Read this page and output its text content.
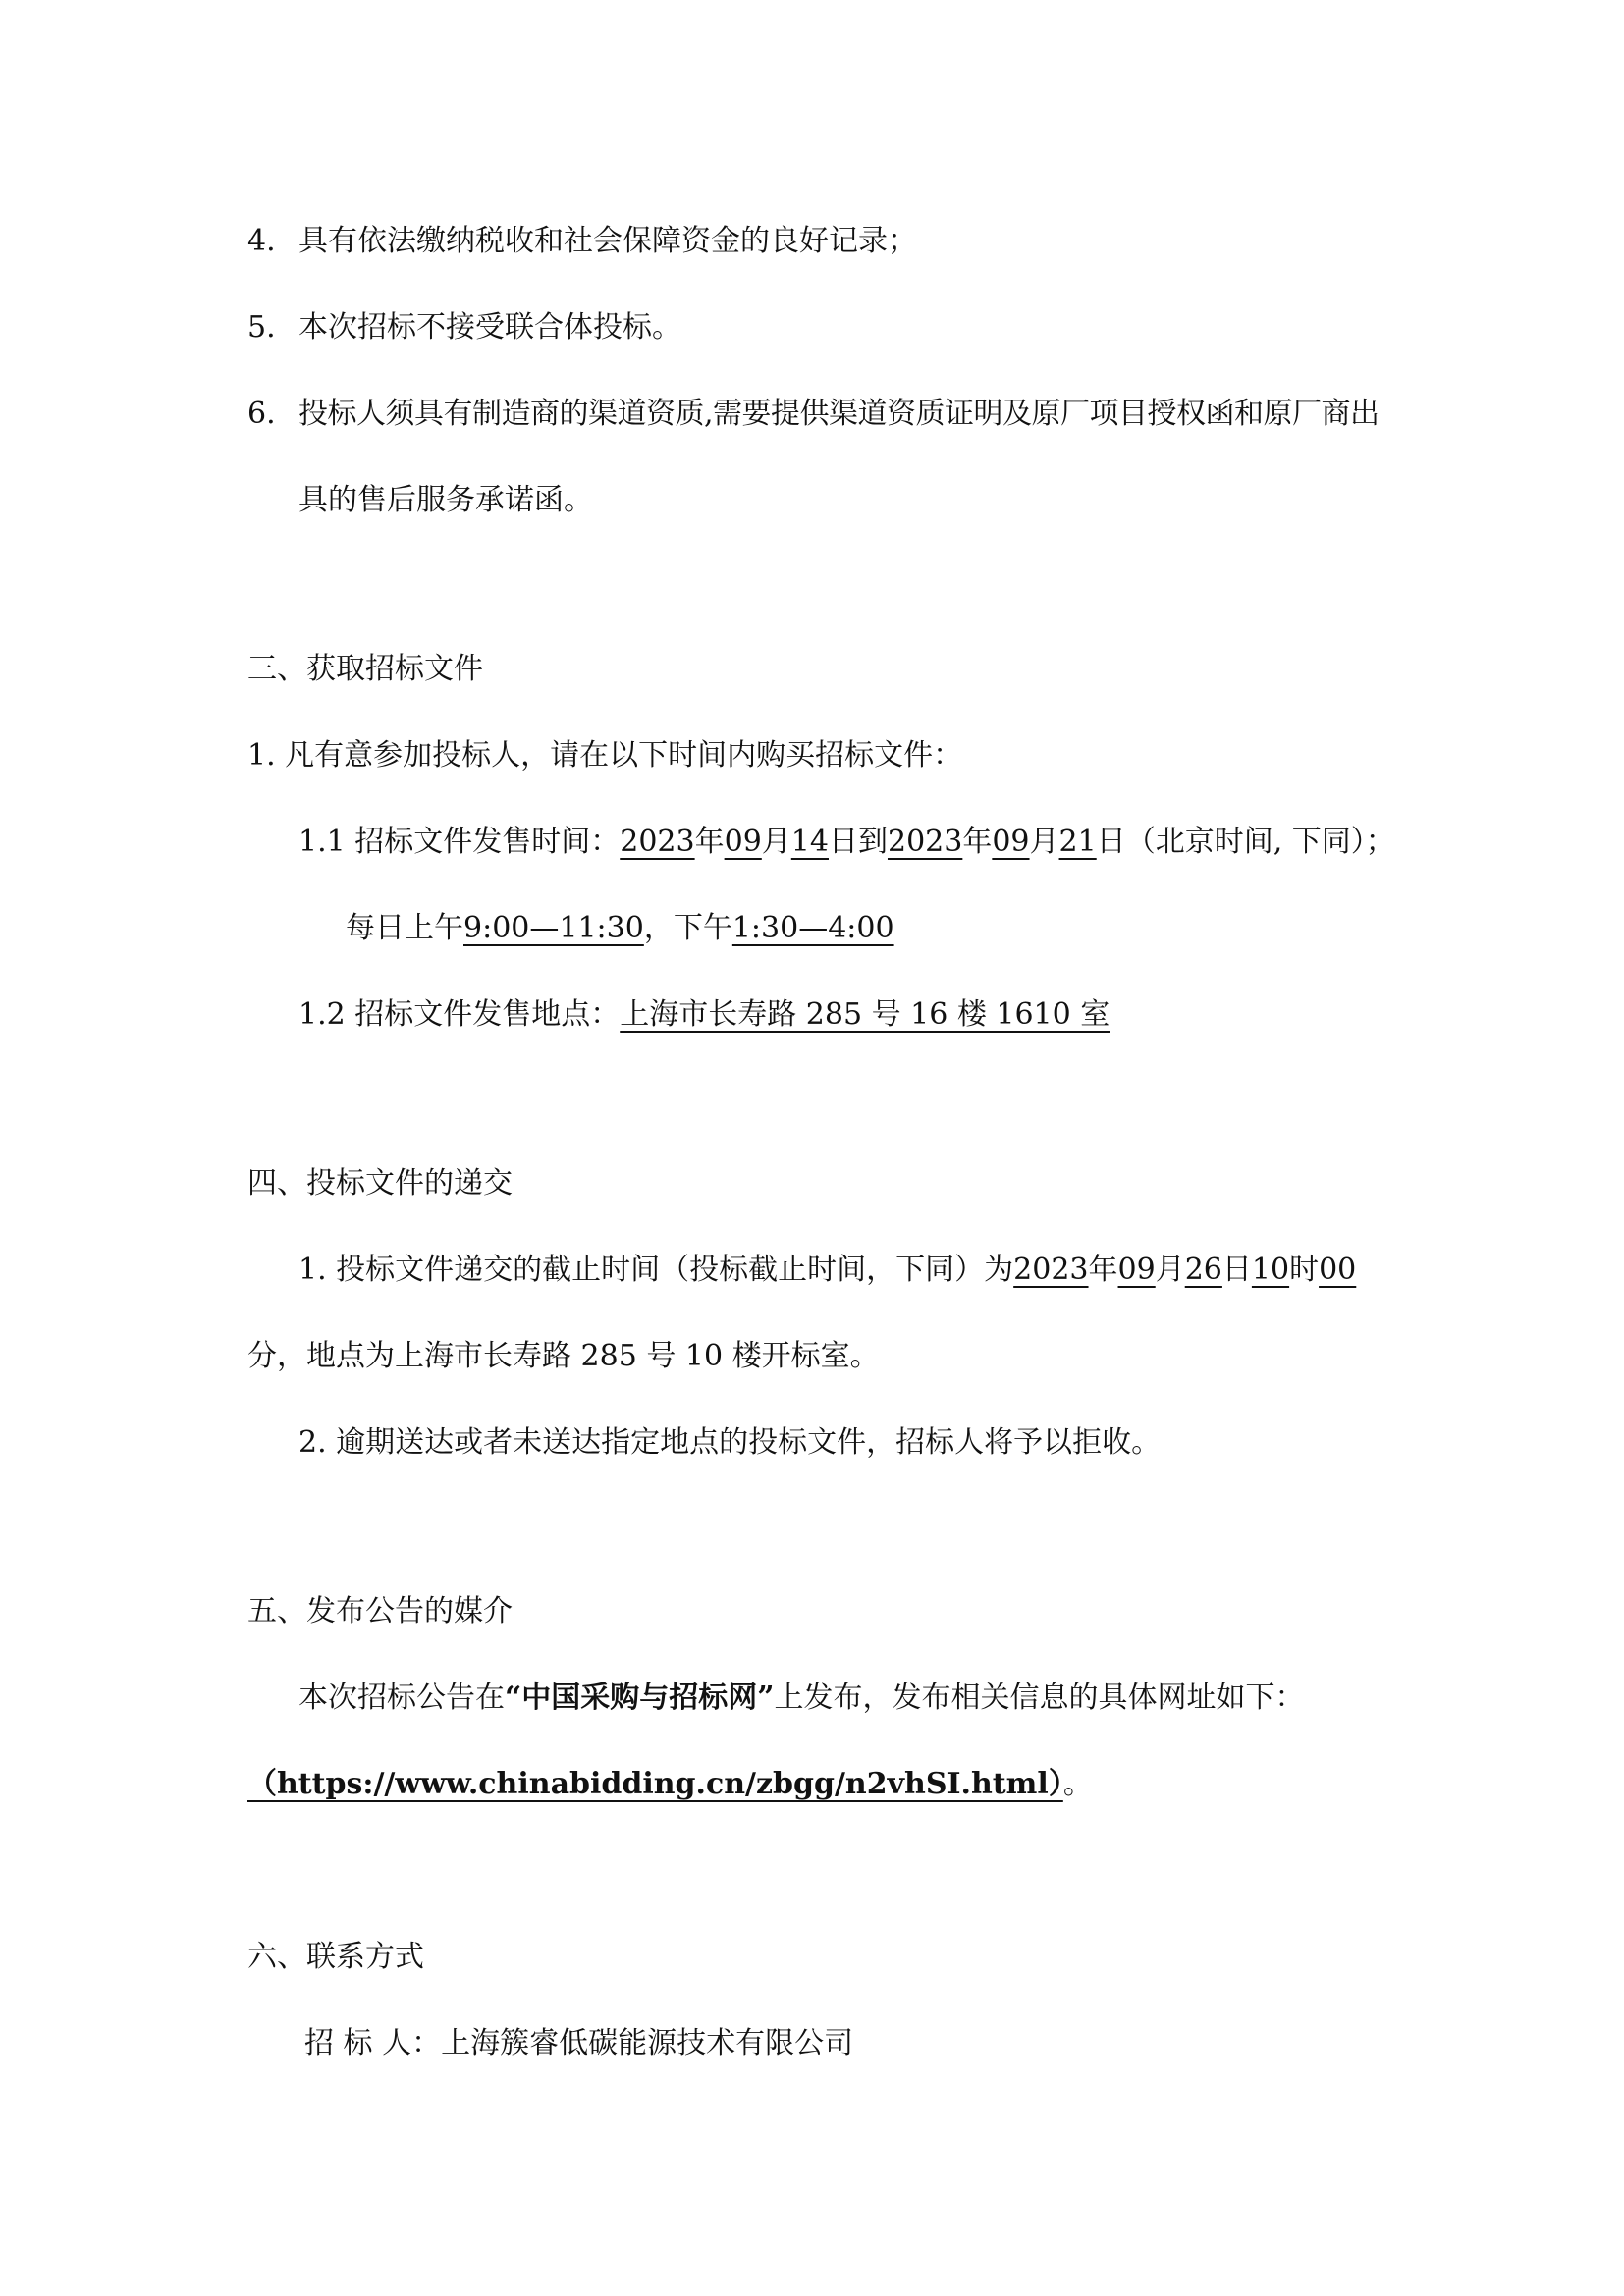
4. 具有依法缴纳税收和社会保障资金的良好记录；
5. 本次招标不接受联合体投标。
6. 投标人须具有制造商的渠道资质,需要提供渠道资质证明及原厂项目授权函和原厂商出
具的售后服务承诺函。
三、获取招标文件
1. 凡有意参加投标人，请在以下时间内购买招标文件：
1.1 招标文件发售时间：2023年09月14日到2023年09月21日（北京时间, 下同）；
每日上午9:00—11:30，下午1:30—4:00
1.2 招标文件发售地点：上海市长寿路 285 号 16 楼 1610 室
四、投标文件的递交
1. 投标文件递交的截止时间（投标截止时间，下同）为2023年09月26日10时00
分，地点为上海市长寿路 285 号 10 楼开标室。
2. 逾期送达或者未送达指定地点的投标文件，招标人将予以拒收。
五、发布公告的媒介
本次招标公告在“中国采购与招标网”上发布，发布相关信息的具体网址如下：
（https://www.chinabidding.cn/zbgg/n2vhSI.html）。
六、联系方式
招 标 人：上海簇睿低碳能源技术有限公司
